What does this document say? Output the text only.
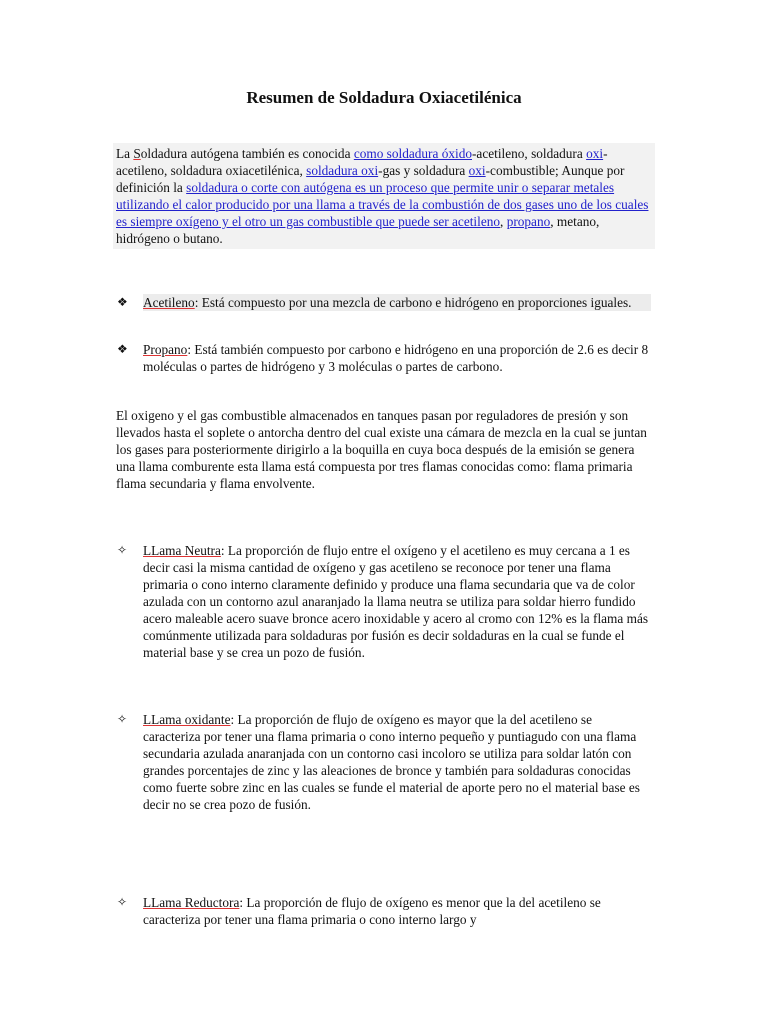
Resumen de Soldadura Oxiacetilénica
La Soldadura autógena también es conocida como soldadura óxido-acetileno, soldadura oxi-acetileno, soldadura oxiacetilénica, soldadura oxi-gas y soldadura oxi-combustible; Aunque por definición la soldadura o corte con autógena es un proceso que permite unir o separar metales utilizando el calor producido por una llama a través de la combustión de dos gases uno de los cuales es siempre oxígeno y el otro un gas combustible que puede ser acetileno, propano, metano, hidrógeno o butano.
❖ Acetileno: Está compuesto por una mezcla de carbono e hidrógeno en proporciones iguales.
❖ Propano: Está también compuesto por carbono e hidrógeno en una proporción de 2.6 es decir 8 moléculas o partes de hidrógeno y 3 moléculas o partes de carbono.
El oxigeno y el gas combustible almacenados en tanques pasan por reguladores de presión y son llevados hasta el soplete o antorcha dentro del cual existe una cámara de mezcla en la cual se juntan los gases para posteriormente dirigirlo a la boquilla en cuya boca después de la emisión se genera una llama comburente esta llama está compuesta por tres flamas conocidas como: flama primaria flama secundaria y flama envolvente.
✧ LLama Neutra: La proporción de flujo entre el oxígeno y el acetileno es muy cercana a 1 es decir casi la misma cantidad de oxígeno y gas acetileno se reconoce por tener una flama primaria o cono interno claramente definido y produce una flama secundaria que va de color azulada con un contorno azul anaranjado la llama neutra se utiliza para soldar hierro fundido acero maleable acero suave bronce acero inoxidable y acero al cromo con 12% es la flama más comúnmente utilizada para soldaduras por fusión es decir soldaduras en la cual se funde el material base y se crea un pozo de fusión.
✧ LLama oxidante: La proporción de flujo de oxígeno es mayor que la del acetileno se caracteriza por tener una flama primaria o cono interno pequeño y puntiagudo con una flama secundaria azulada anaranjada con un contorno casi incoloro se utiliza para soldar latón con grandes porcentajes de zinc y las aleaciones de bronce y también para soldaduras conocidas como fuerte sobre zinc en las cuales se funde el material de aporte pero no el material base es decir no se crea pozo de fusión.
✧ LLama Reductora: La proporción de flujo de oxígeno es menor que la del acetileno se caracteriza por tener una flama primaria o cono interno largo y
